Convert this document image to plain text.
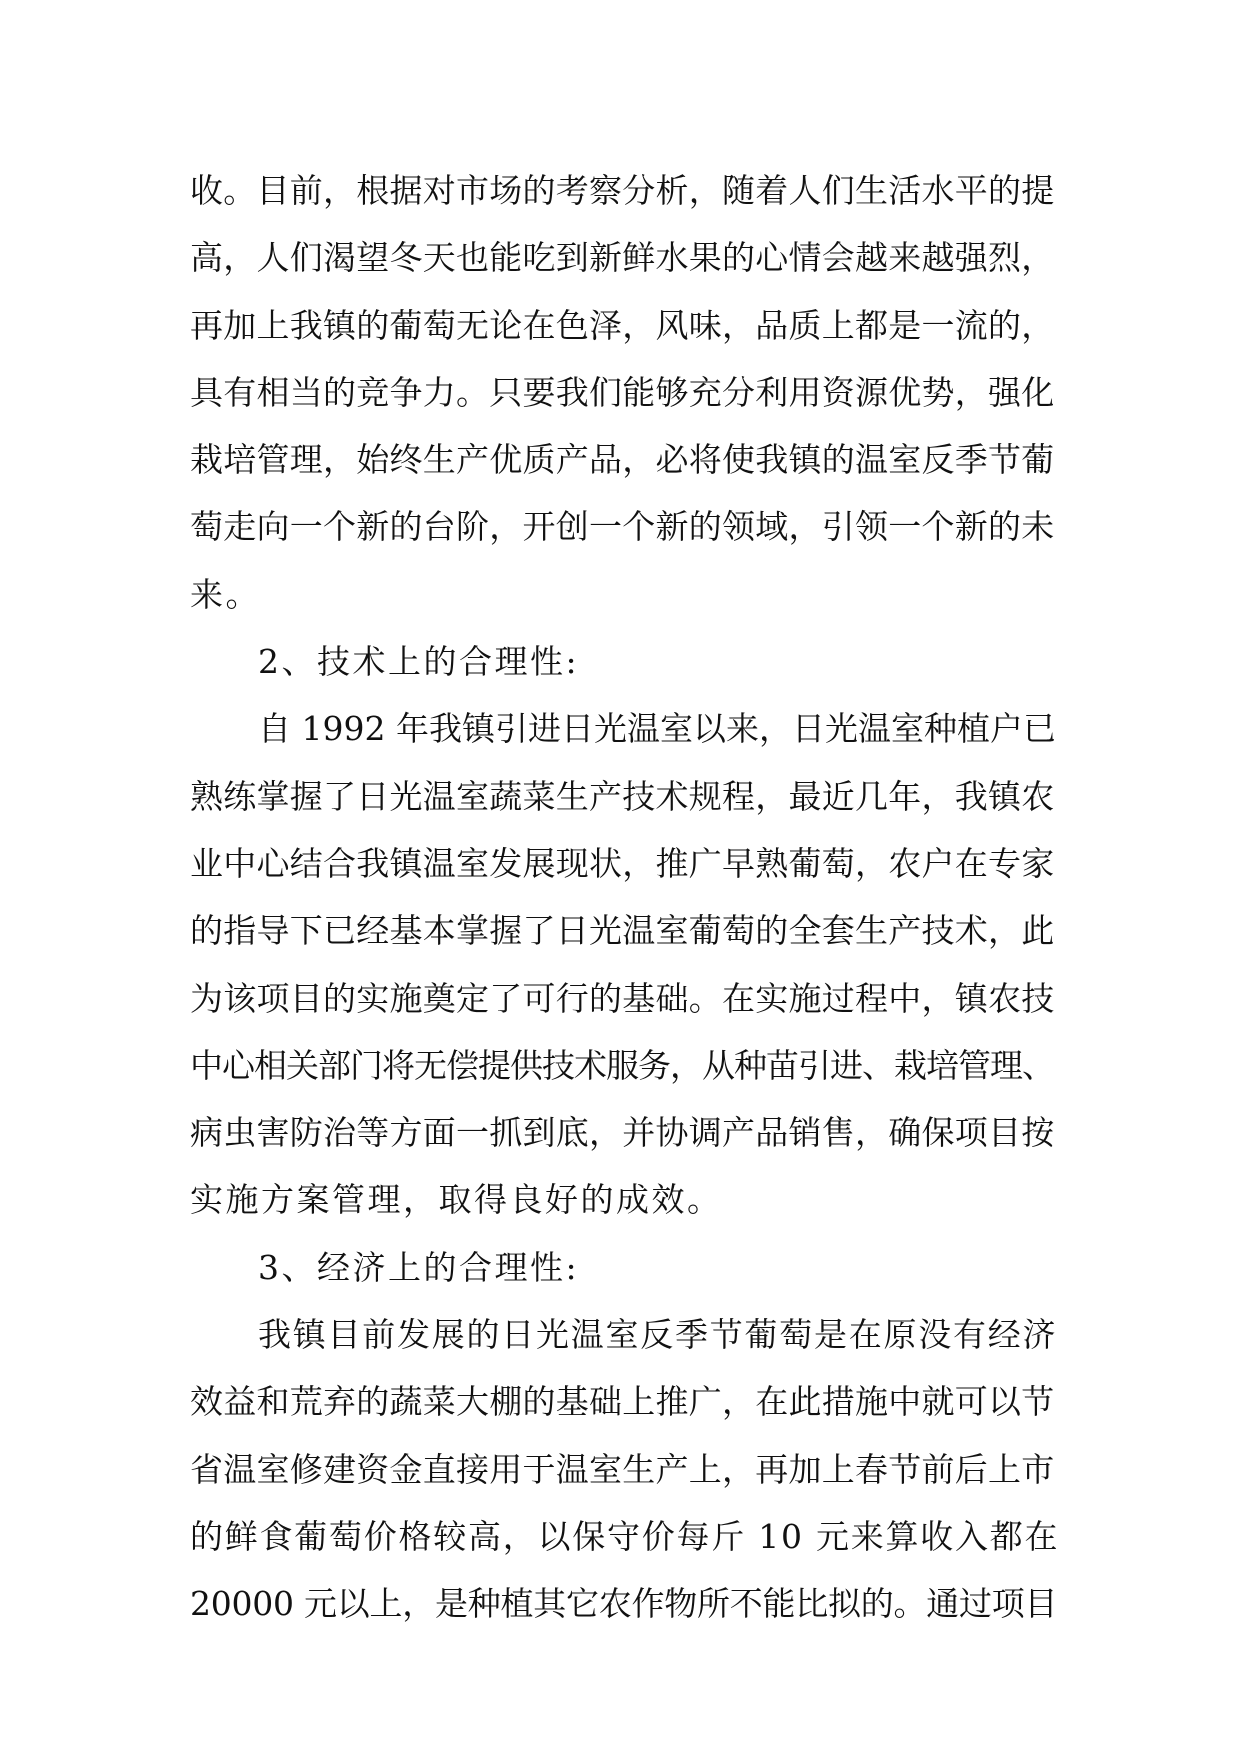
收。目前，根据对市场的考察分析，随着人们生活水平的提
高，人们渴望冬天也能吃到新鲜水果的心情会越来越强烈，
再加上我镇的葡萄无论在色泽，风味，品质上都是一流的，
具有相当的竞争力。只要我们能够充分利用资源优势，强化
栽培管理，始终生产优质产品，必将使我镇的温室反季节葡
萄走向一个新的台阶，开创一个新的领域，引领一个新的未
来。
2、技术上的合理性:
自 1992 年我镇引进日光温室以来，日光温室种植户已
熟练掌握了日光温室蔬菜生产技术规程，最近几年，我镇农
业中心结合我镇温室发展现状，推广早熟葡萄，农户在专家
的指导下已经基本掌握了日光温室葡萄的全套生产技术，此
为该项目的实施奠定了可行的基础。在实施过程中，镇农技
中心相关部门将无偿提供技术服务，从种苗引进、栽培管理、
病虫害防治等方面一抓到底，并协调产品销售，确保项目按
实施方案管理，取得良好的成效。
3、经济上的合理性:
我镇目前发展的日光温室反季节葡萄是在原没有经济
效益和荒弃的蔬菜大棚的基础上推广，在此措施中就可以节
省温室修建资金直接用于温室生产上，再加上春节前后上市
的鲜食葡萄价格较高，以保守价每斤 10 元来算收入都在
20000 元以上，是种植其它农作物所不能比拟的。通过项目
